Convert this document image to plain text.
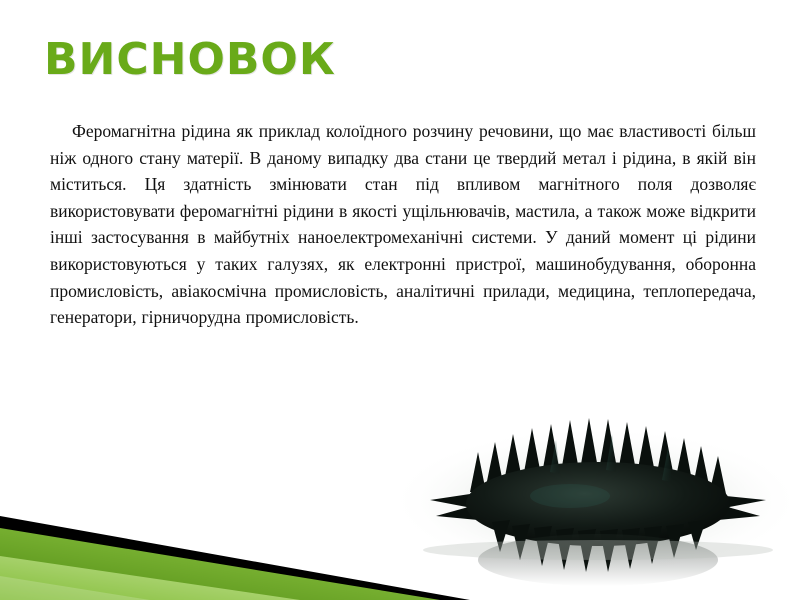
ВИСНОВОК
Феромагнітна рідина як приклад колоїдного розчину речовини, що має властивості більш ніж одного стану матерії. В даному випадку два стани це твердий метал і рідина, в якій він міститься. Ця здатність змінювати стан під впливом магнітного поля дозволяє використовувати феромагнітні рідини в якості ущільнювачів, мастила, а також може відкрити інші застосування в майбутніх наноелектромеханічні системи. У даний момент ці рідини використовуються у таких галузях, як електронні пристрої, машинобудування, оборонна промисловість, авіакосмічна промисловість, аналітичні прилади, медицина, теплопередача, генератори, гірничорудна промисловість.
